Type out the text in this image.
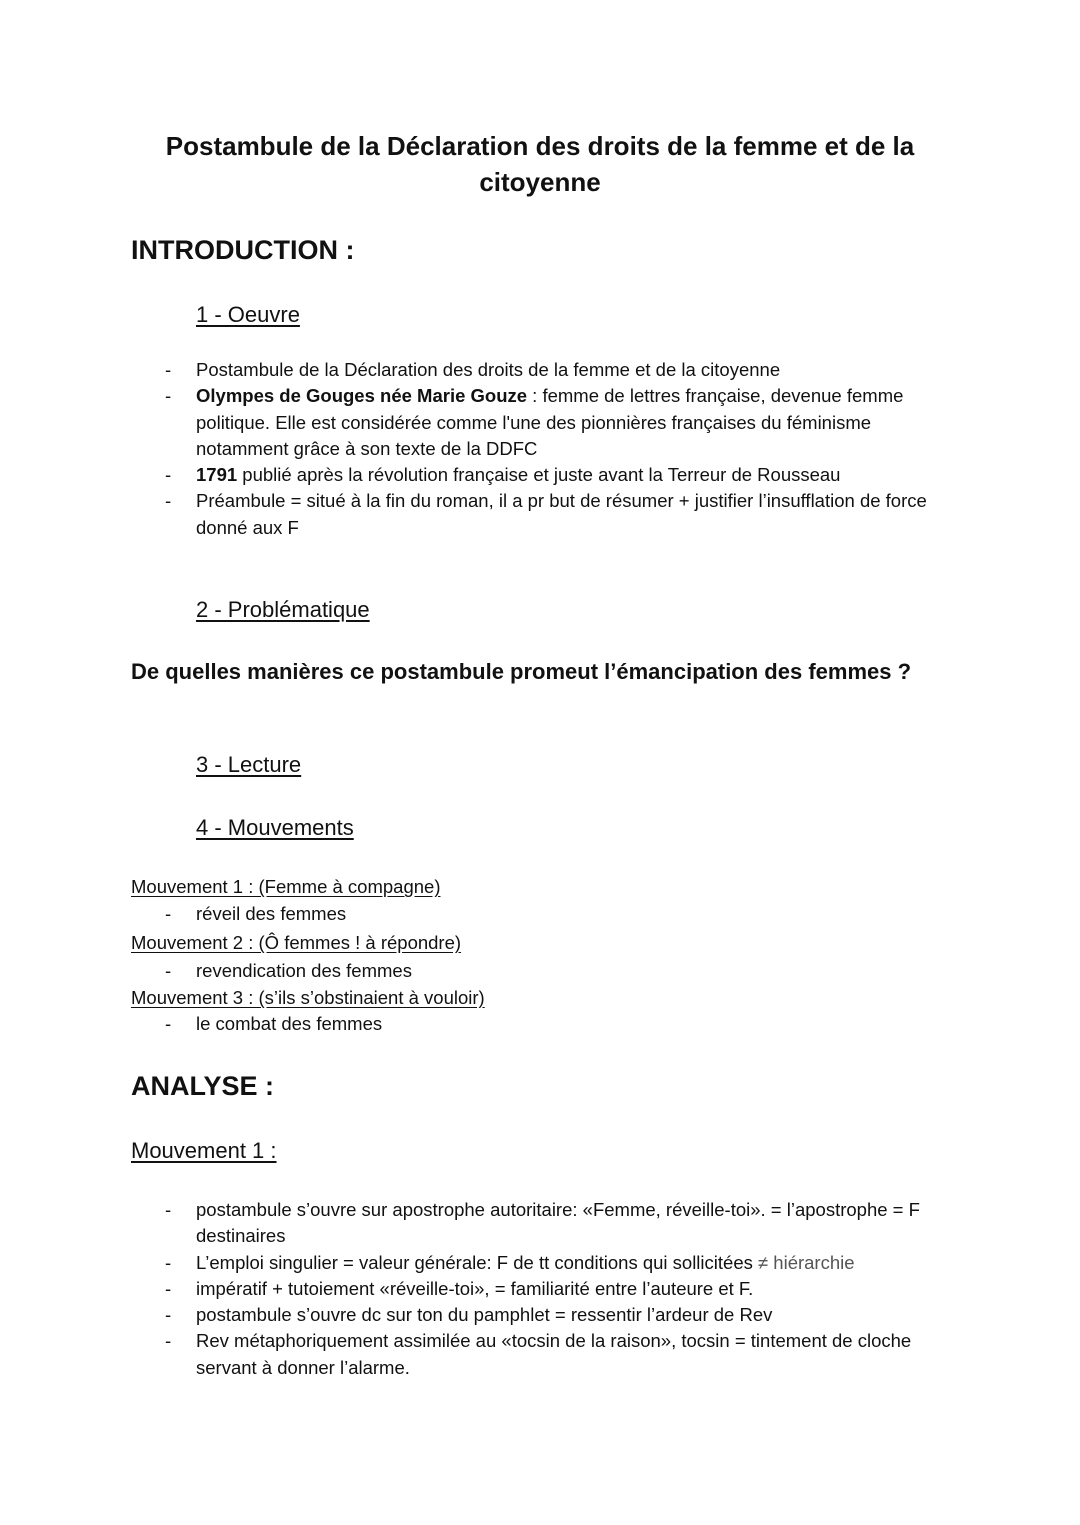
Postambule de la Déclaration des droits de la femme et de la citoyenne
INTRODUCTION :
1 - Oeuvre
- Postambule de la Déclaration des droits de la femme et de la citoyenne
- Olympes de Gouges née Marie Gouze : femme de lettres française, devenue femme politique. Elle est considérée comme l'une des pionnières françaises du féminisme notamment grâce à son texte de la DDFC
- 1791 publié après la révolution française et juste avant la Terreur de Rousseau
- Préambule = situé à la fin du roman, il a pr but de résumer + justifier l’insufflation de force donné aux F
2 - Problématique
De quelles manières ce postambule promeut l’émancipation des femmes ?
3 - Lecture
4 - Mouvements
Mouvement 1 : (Femme à compagne)
- réveil des femmes
Mouvement 2 : (Ô femmes ! à répondre)
- revendication des femmes
Mouvement 3 : (s’ils s’obstinaient à vouloir)
- le combat des femmes
ANALYSE :
Mouvement 1 :
- postambule s’ouvre sur apostrophe autoritaire: «Femme, réveille-toi». = l’apostrophe = F destinaires
- L’emploi singulier = valeur générale: F de tt conditions qui sollicitées ≠ hiérarchie
- impératif + tutoiement «réveille-toi», = familiarité entre l’auteure et F.
- postambule s’ouvre dc sur ton du pamphlet = ressentir l’ardeur de Rev
- Rev métaphoriquement assimilée au «tocsin de la raison», tocsin = tintement de cloche servant à donner l’alarme.
